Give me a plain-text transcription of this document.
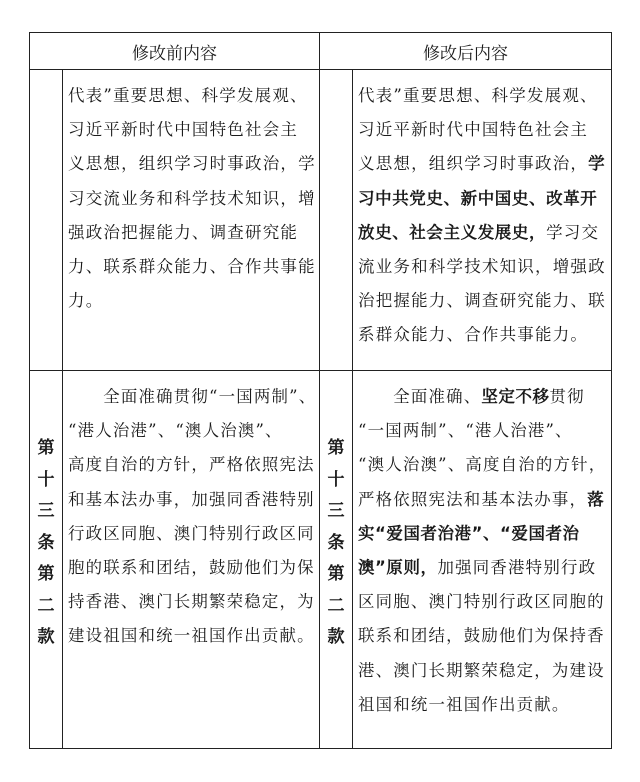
修改前内容	修改后内容

代表”重要思想、科学发展观、

习近平新时代中国特色社会主

义思想，组织学习时事政治，学

习交流业务和科学技术知识，增

强政治把握能力、调查研究能

力、联系群众能力、合作共事能

力。

代表”重要思想、科学发展观、

习近平新时代中国特色社会主

义思想，组织学习时事政治，学

习中共党史、新中国史、改革开

放史、社会主义发展史，学习交

流业务和科学技术知识，增强政

治把握能力、调查研究能力、联

系群众能力、合作共事能力。

第
十
三
条
第
二
款
第
十
三
条
第
二
款

　　全面准确贯彻“一国两制”、

“港人治港”、“澳人治澳”、

高度自治的方针，严格依照宪法

和基本法办事，加强同香港特别

行政区同胞、澳门特别行政区同

胞的联系和团结，鼓励他们为保

持香港、澳门长期繁荣稳定，为

建设祖国和统一祖国作出贡献。

　　全面准确、坚定不移贯彻

“一国两制”、“港人治港”、

“澳人治澳”、高度自治的方针，

严格依照宪法和基本法办事，落

实“爱国者治港”、“爱国者治

澳”原则，加强同香港特别行政

区同胞、澳门特别行政区同胞的

联系和团结，鼓励他们为保持香

港、澳门长期繁荣稳定，为建设

祖国和统一祖国作出贡献。
